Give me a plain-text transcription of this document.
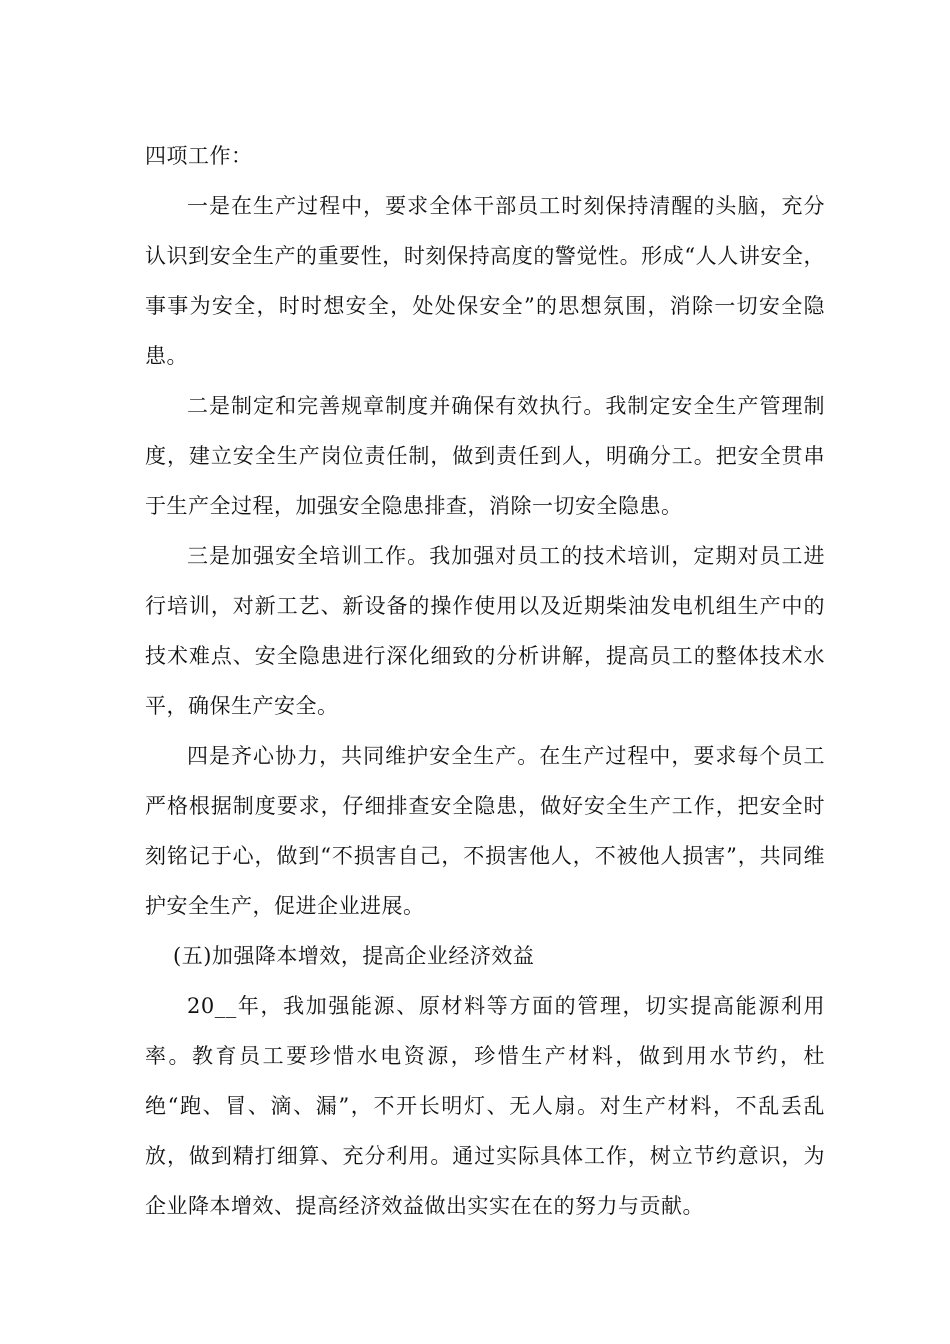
四项工作：

一是在生产过程中，要求全体干部员工时刻保持清醒的头脑，充分认识到安全生产的重要性，时刻保持高度的警觉性。形成“人人讲安全，事事为安全，时时想安全，处处保安全”的思想氛围，消除一切安全隐患。

二是制定和完善规章制度并确保有效执行。我制定安全生产管理制度，建立安全生产岗位责任制，做到责任到人，明确分工。把安全贯串于生产全过程，加强安全隐患排查，消除一切安全隐患。

三是加强安全培训工作。我加强对员工的技术培训，定期对员工进行培训，对新工艺、新设备的操作使用以及近期柴油发电机组生产中的技术难点、安全隐患进行深化细致的分析讲解，提高员工的整体技术水平，确保生产安全。

四是齐心协力，共同维护安全生产。在生产过程中，要求每个员工严格根据制度要求，仔细排查安全隐患，做好安全生产工作，把安全时刻铭记于心，做到“不损害自己，不损害他人，不被他人损害”，共同维护安全生产，促进企业进展。

(五)加强降本增效，提高企业经济效益

20__年，我加强能源、原材料等方面的管理，切实提高能源利用率。教育员工要珍惜水电资源，珍惜生产材料，做到用水节约，杜绝“跑、冒、滴、漏”，不开长明灯、无人扇。对生产材料，不乱丢乱放，做到精打细算、充分利用。通过实际具体工作，树立节约意识，为企业降本增效、提高经济效益做出实实在在的努力与贡献。
